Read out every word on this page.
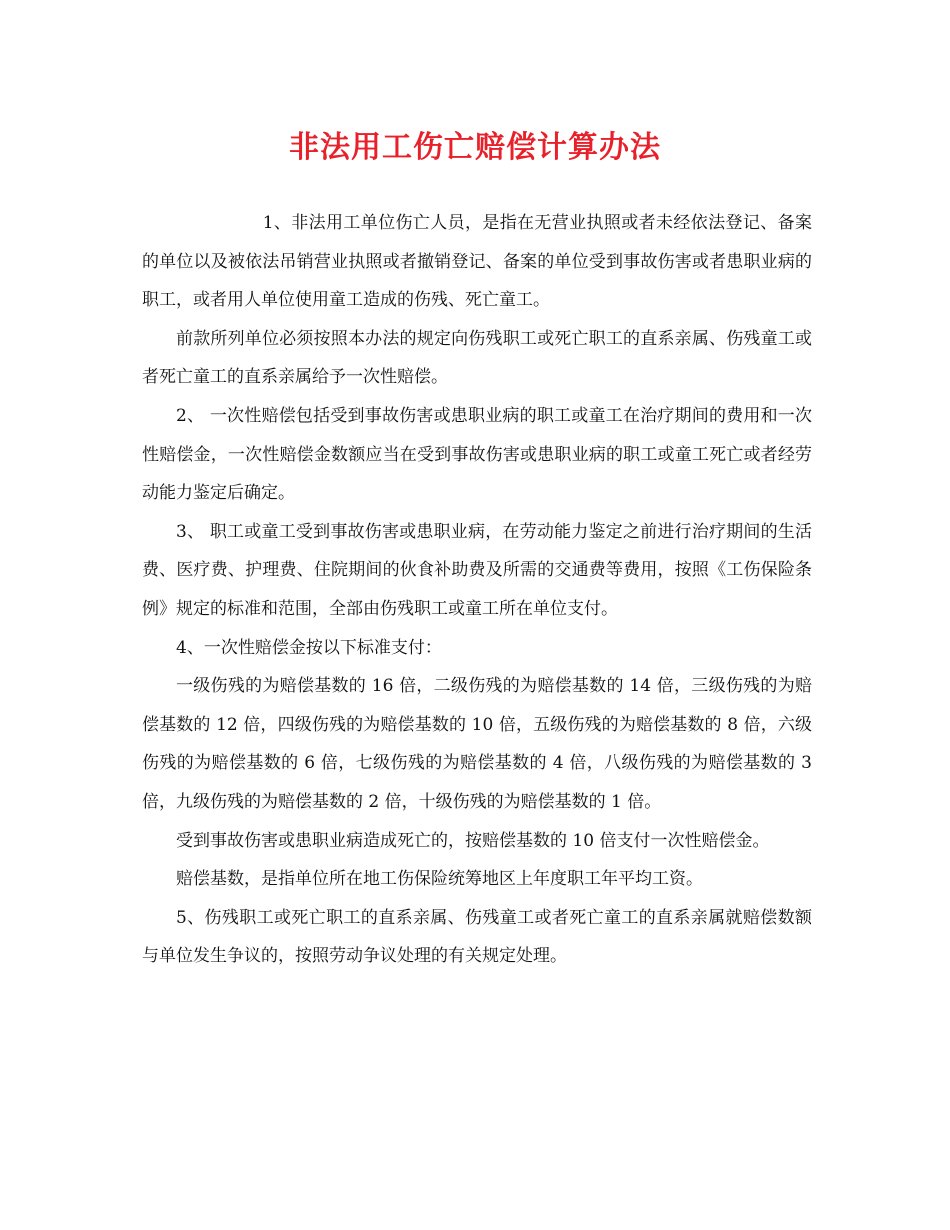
非法用工伤亡赔偿计算办法

1、非法用工单位伤亡人员，是指在无营业执照或者未经依法登记、备案的单位以及被依法吊销营业执照或者撤销登记、备案的单位受到事故伤害或者患职业病的职工，或者用人单位使用童工造成的伤残、死亡童工。

前款所列单位必须按照本办法的规定向伤残职工或死亡职工的直系亲属、伤残童工或者死亡童工的直系亲属给予一次性赔偿。

2、 一次性赔偿包括受到事故伤害或患职业病的职工或童工在治疗期间的费用和一次性赔偿金，一次性赔偿金数额应当在受到事故伤害或患职业病的职工或童工死亡或者经劳动能力鉴定后确定。

3、 职工或童工受到事故伤害或患职业病，在劳动能力鉴定之前进行治疗期间的生活费、医疗费、护理费、住院期间的伙食补助费及所需的交通费等费用，按照《工伤保险条例》规定的标准和范围，全部由伤残职工或童工所在单位支付。

4、一次性赔偿金按以下标准支付：

一级伤残的为赔偿基数的 16 倍，二级伤残的为赔偿基数的 14 倍，三级伤残的为赔偿基数的 12 倍，四级伤残的为赔偿基数的 10 倍，五级伤残的为赔偿基数的 8 倍，六级伤残的为赔偿基数的 6 倍，七级伤残的为赔偿基数的 4 倍，八级伤残的为赔偿基数的 3 倍，九级伤残的为赔偿基数的 2 倍，十级伤残的为赔偿基数的 1 倍。

受到事故伤害或患职业病造成死亡的，按赔偿基数的 10 倍支付一次性赔偿金。

赔偿基数，是指单位所在地工伤保险统筹地区上年度职工年平均工资。

5、伤残职工或死亡职工的直系亲属、伤残童工或者死亡童工的直系亲属就赔偿数额与单位发生争议的，按照劳动争议处理的有关规定处理。
